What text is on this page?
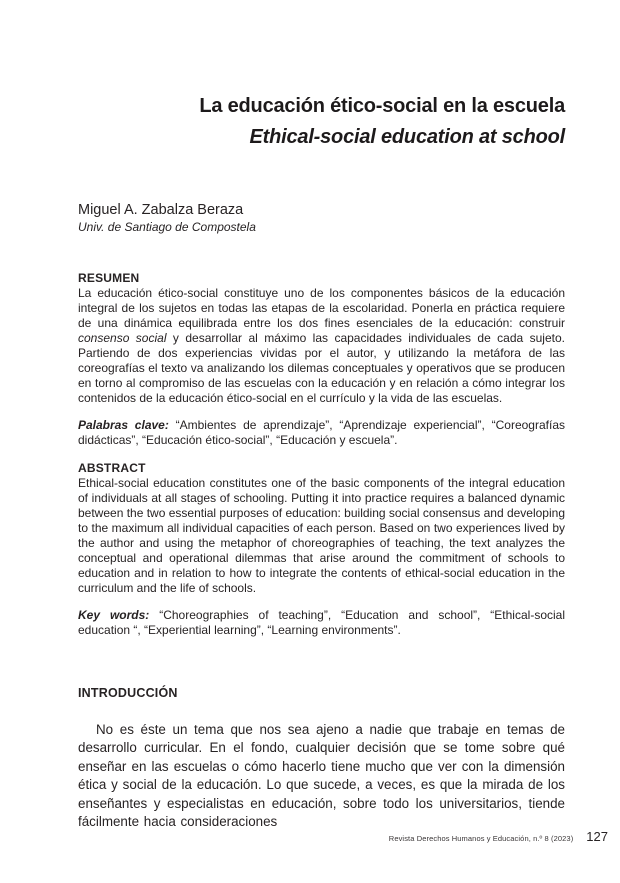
La educación ético-social en la escuela
Ethical-social education at school
Miguel A. Zabalza Beraza
Univ. de Santiago de Compostela
RESUMEN

La educación ético-social constituye uno de los componentes básicos de la educación integral de los sujetos en todas las etapas de la escolaridad. Ponerla en práctica requiere de una dinámica equilibrada entre los dos fines esenciales de la educación: construir consenso social y desarrollar al máximo las capacidades individuales de cada sujeto. Partiendo de dos experiencias vividas por el autor, y utilizando la metáfora de las coreografías el texto va analizando los dilemas conceptuales y operativos que se producen en torno al compromiso de las escuelas con la educación y en relación a cómo integrar los contenidos de la educación ético-social en el currículo y la vida de las escuelas.

Palabras clave: “Ambientes de aprendizaje”, “Aprendizaje experiencial”, “Coreografías didácticas”, “Educación ético-social”, “Educación y escuela”.

ABSTRACT

Ethical-social education constitutes one of the basic components of the integral education of individuals at all stages of schooling. Putting it into practice requires a balanced dynamic between the two essential purposes of education: building social consensus and developing to the maximum all individual capacities of each person. Based on two experiences lived by the author and using the metaphor of choreographies of teaching, the text analyzes the conceptual and operational dilemmas that arise around the commitment of schools to education and in relation to how to integrate the contents of ethical-social education in the curriculum and the life of schools.

Key words: “Choreographies of teaching”, “Education and school”, “Ethical-social education “, “Experiential learning”, “Learning environments”.

INTRODUCCIÓN

No es éste un tema que nos sea ajeno a nadie que trabaje en temas de desarrollo curricular. En el fondo, cualquier decisión que se tome sobre qué enseñar en las escuelas o cómo hacerlo tiene mucho que ver con la dimensión ética y social de la educación. Lo que sucede, a veces, es que la mirada de los enseñantes y especialistas en educación, sobre todo los universitarios, tiende fácilmente hacia consideraciones

Revista Derechos Humanos y Educación, n.º 8 (2023) 127
